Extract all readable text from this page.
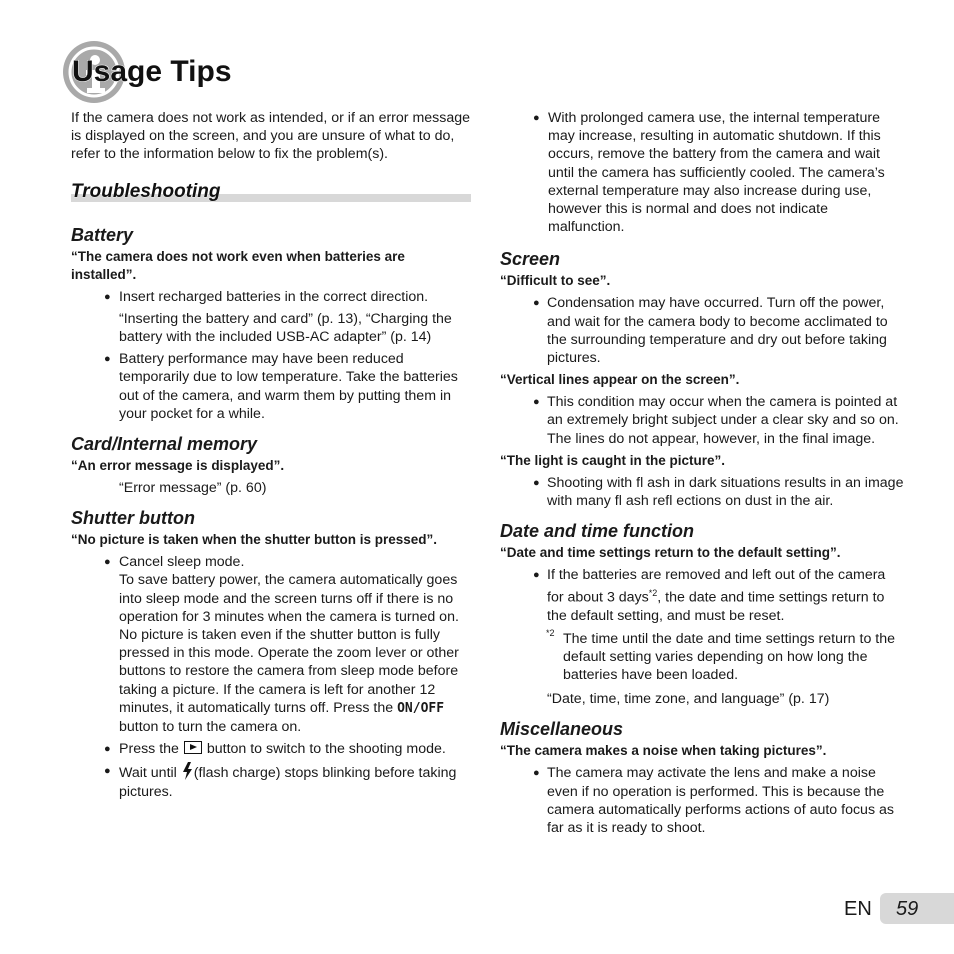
Usage Tips

If the camera does not work as intended, or if an error message is displayed on the screen, and you are unsure of what to do, refer to the information below to fix the problem(s).

Troubleshooting
Battery
“The camera does not work even when batteries are installed”.
● Insert recharged batteries in the correct direction.
“Inserting the battery and card” (p. 13), “Charging the battery with the included USB-AC adapter” (p. 14)
● Battery performance may have been reduced temporarily due to low temperature. Take the batteries out of the camera, and warm them by putting them in your pocket for a while.
Card/Internal memory
“An error message is displayed”.
“Error message” (p. 60)
Shutter button
“No picture is taken when the shutter button is pressed”.
● Cancel sleep mode.
To save battery power, the camera automatically goes into sleep mode and the screen turns off if there is no operation for 3 minutes when the camera is turned on. No picture is taken even if the shutter button is fully pressed in this mode. Operate the zoom lever or other buttons to restore the camera from sleep mode before taking a picture. If the camera is left for another 12 minutes, it automatically turns off. Press the ON/OFF button to turn the camera on.
● Press the button to switch to the shooting mode.
● Wait until (flash charge) stops blinking before taking pictures.
● With prolonged camera use, the internal temperature may increase, resulting in automatic shutdown. If this occurs, remove the battery from the camera and wait until the camera has sufficiently cooled. The camera’s external temperature may also increase during use, however this is normal and does not indicate malfunction.
Screen
“Difficult to see”.
● Condensation may have occurred. Turn off the power, and wait for the camera body to become acclimated to the surrounding temperature and dry out before taking pictures.
“Vertical lines appear on the screen”.
● This condition may occur when the camera is pointed at an extremely bright subject under a clear sky and so on. The lines do not appear, however, in the final image.
“The light is caught in the picture”.
● Shooting with fl ash in dark situations results in an image with many fl ash refl ections on dust in the air.
Date and time function
“Date and time settings return to the default setting”.
● If the batteries are removed and left out of the camera for about 3 days$^{*2}$, the date and time settings return to the default setting, and must be reset.
*2 The time until the date and time settings return to the default setting varies depending on how long the batteries have been loaded.
“Date, time, time zone, and language” (p. 17)
Miscellaneous
“The camera makes a noise when taking pictures”.
● The camera may activate the lens and make a noise even if no operation is performed. This is because the camera automatically performs actions of auto focus as far as it is ready to shoot.
EN 59
